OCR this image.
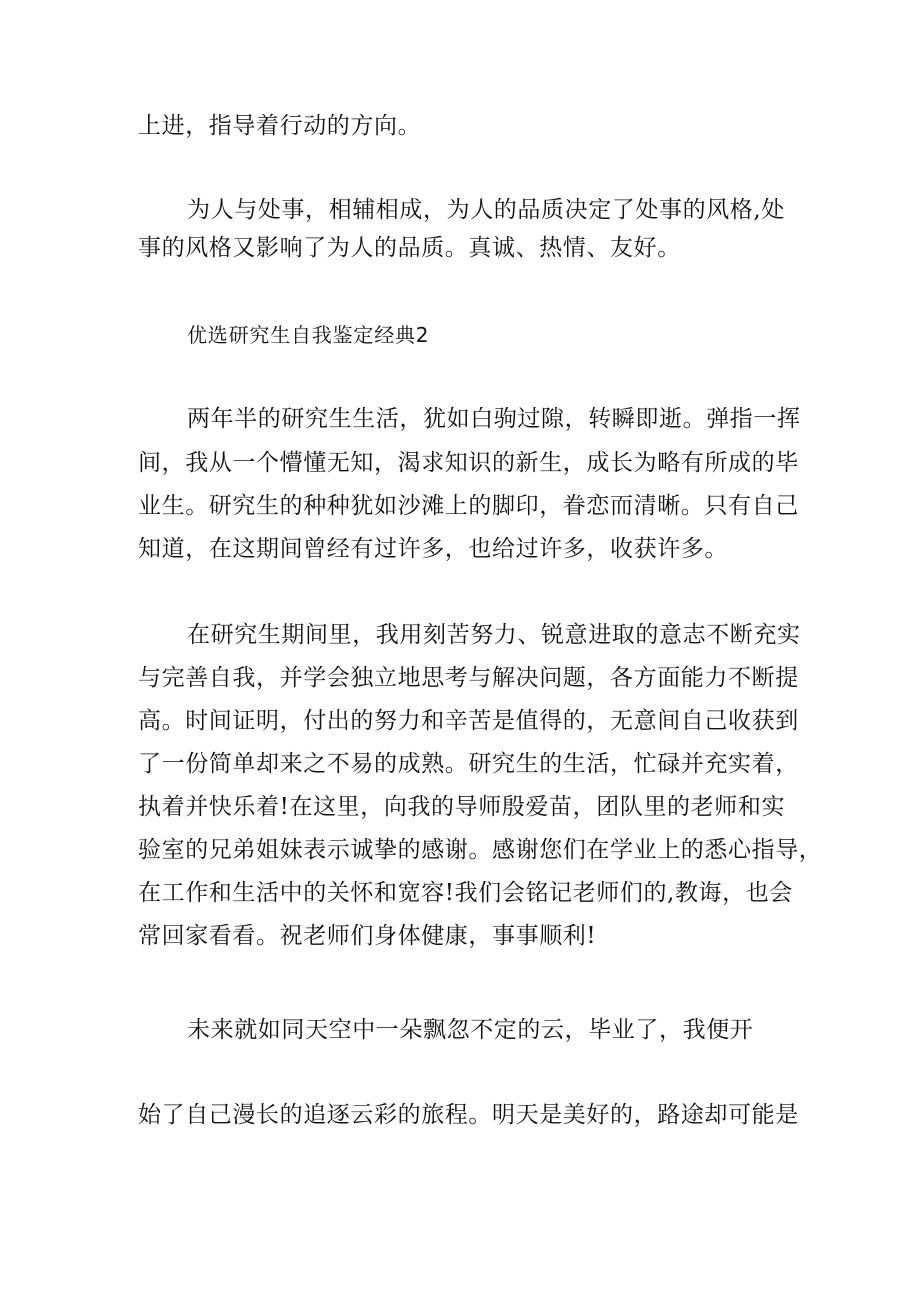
上进，指导着行动的方向。
为人与处事，相辅相成，为人的品质决定了处事的风格,处
事的风格又影响了为人的品质。真诚、热情、友好。
优选研究生自我鉴定经典2
两年半的研究生生活，犹如白驹过隙，转瞬即逝。弹指一挥
间，我从一个懵懂无知，渴求知识的新生，成长为略有所成的毕
业生。研究生的种种犹如沙滩上的脚印，眷恋而清晰。只有自己
知道，在这期间曾经有过许多，也给过许多，收获许多。
在研究生期间里，我用刻苦努力、锐意进取的意志不断充实
与完善自我，并学会独立地思考与解决问题，各方面能力不断提
高。时间证明，付出的努力和辛苦是值得的，无意间自己收获到
了一份简单却来之不易的成熟。研究生的生活，忙碌并充实着，
执着并快乐着!在这里，向我的导师殷爱苗，团队里的老师和实
验室的兄弟姐妹表示诚挚的感谢。感谢您们在学业上的悉心指导，
在工作和生活中的关怀和宽容!我们会铭记老师们的,教诲，也会
常回家看看。祝老师们身体健康，事事顺利!
未来就如同天空中一朵飘忽不定的云，毕业了，我便开
始了自己漫长的追逐云彩的旅程。明天是美好的，路途却可能是
